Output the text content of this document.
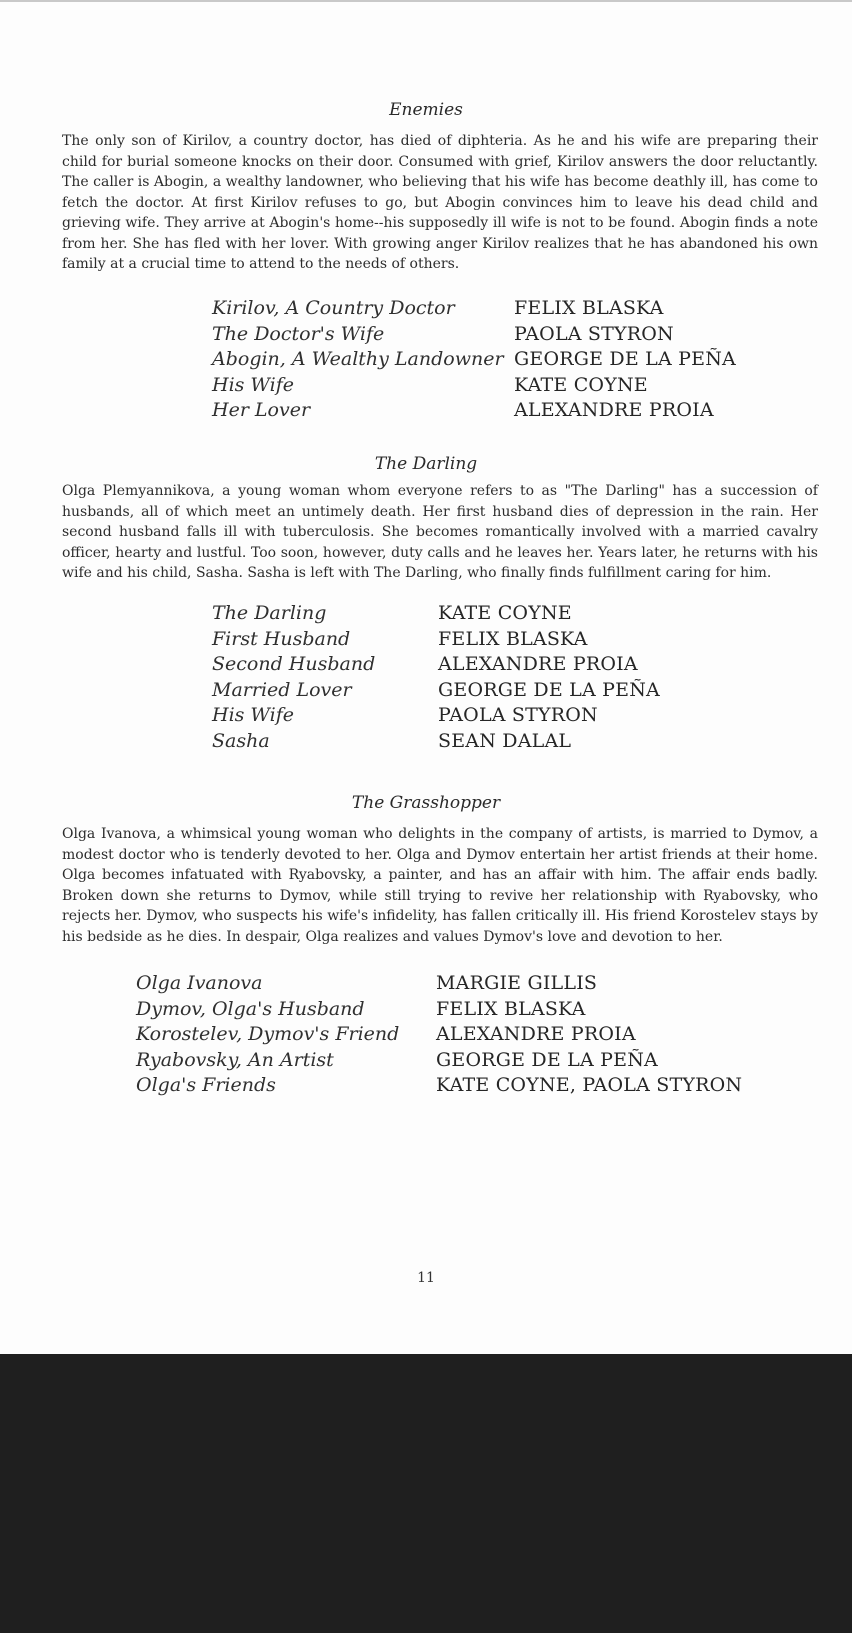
Enemies
The only son of Kirilov, a country doctor, has died of diphteria. As he and his wife are preparing their child for burial someone knocks on their door. Consumed with grief, Kirilov answers the door reluctantly. The caller is Abogin, a wealthy landowner, who believing that his wife has become deathly ill, has come to fetch the doctor. At first Kirilov refuses to go, but Abogin convinces him to leave his dead child and grieving wife. They arrive at Abogin's home--his supposedly ill wife is not to be found. Abogin finds a note from her. She has fled with her lover. With growing anger Kirilov realizes that he has abandoned his own family at a crucial time to attend to the needs of others.
Kirilov, A Country Doctor	FELIX BLASKA
The Doctor's Wife	PAOLA STYRON
Abogin, A Wealthy Landowner GEORGE DE LA PEÑA
His Wife	KATE COYNE
Her Lover	ALEXANDRE PROIA
The Darling
Olga Plemyannikova, a young woman whom everyone refers to as "The Darling" has a succession of husbands, all of which meet an untimely death. Her first husband dies of depression in the rain. Her second husband falls ill with tuberculosis. She becomes romantically involved with a married cavalry officer, hearty and lustful. Too soon, however, duty calls and he leaves her. Years later, he returns with his wife and his child, Sasha. Sasha is left with The Darling, who finally finds fulfillment caring for him.
The Darling	KATE COYNE
First Husband	FELIX BLASKA
Second Husband	ALEXANDRE PROIA
Married Lover	GEORGE DE LA PEÑA
His Wife	PAOLA STYRON
Sasha	SEAN DALAL
The Grasshopper
Olga Ivanova, a whimsical young woman who delights in the company of artists, is married to Dymov, a modest doctor who is tenderly devoted to her. Olga and Dymov entertain her artist friends at their home. Olga becomes infatuated with Ryabovsky, a painter, and has an affair with him. The affair ends badly. Broken down she returns to Dymov, while still trying to revive her relationship with Ryabovsky, who rejects her. Dymov, who suspects his wife's infidelity, has fallen critically ill. His friend Korostelev stays by his bedside as he dies. In despair, Olga realizes and values Dymov's love and devotion to her.
Olga Ivanova	MARGIE GILLIS
Dymov, Olga's Husband	FELIX BLASKA
Korostelev, Dymov's Friend	ALEXANDRE PROIA
Ryabovsky, An Artist	GEORGE DE LA PEÑA
Olga's Friends	KATE COYNE, PAOLA STYRON
11
